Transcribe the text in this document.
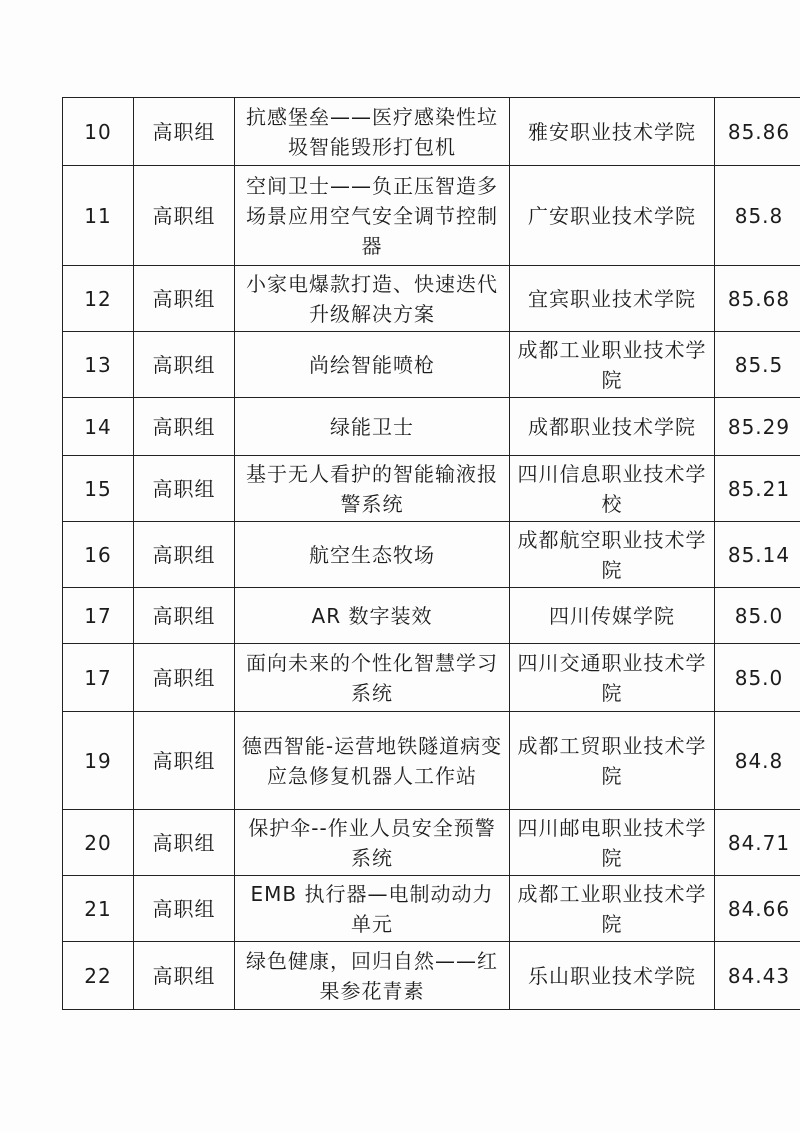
10	高职组	抗感堡垒——医疗感染性垃圾智能毁形打包机	雅安职业技术学院	85.86
11	高职组	空间卫士——负正压智造多场景应用空气安全调节控制器	广安职业技术学院	85.8
12	高职组	小家电爆款打造、快速迭代升级解决方案	宜宾职业技术学院	85.68
13	高职组	尚绘智能喷枪	成都工业职业技术学院	85.5
14	高职组	绿能卫士	成都职业技术学院	85.29
15	高职组	基于无人看护的智能输液报警系统	四川信息职业技术学校	85.21
16	高职组	航空生态牧场	成都航空职业技术学院	85.14
17	高职组	AR 数字装效	四川传媒学院	85.0
17	高职组	面向未来的个性化智慧学习系统	四川交通职业技术学院	85.0
19	高职组	德西智能-运营地铁隧道病变应急修复机器人工作站	成都工贸职业技术学院	84.8
20	高职组	保护伞--作业人员安全预警系统	四川邮电职业技术学院	84.71
21	高职组	EMB 执行器—电制动动力单元	成都工业职业技术学院	84.66
22	高职组	绿色健康，回归自然——红果参花青素	乐山职业技术学院	84.43
